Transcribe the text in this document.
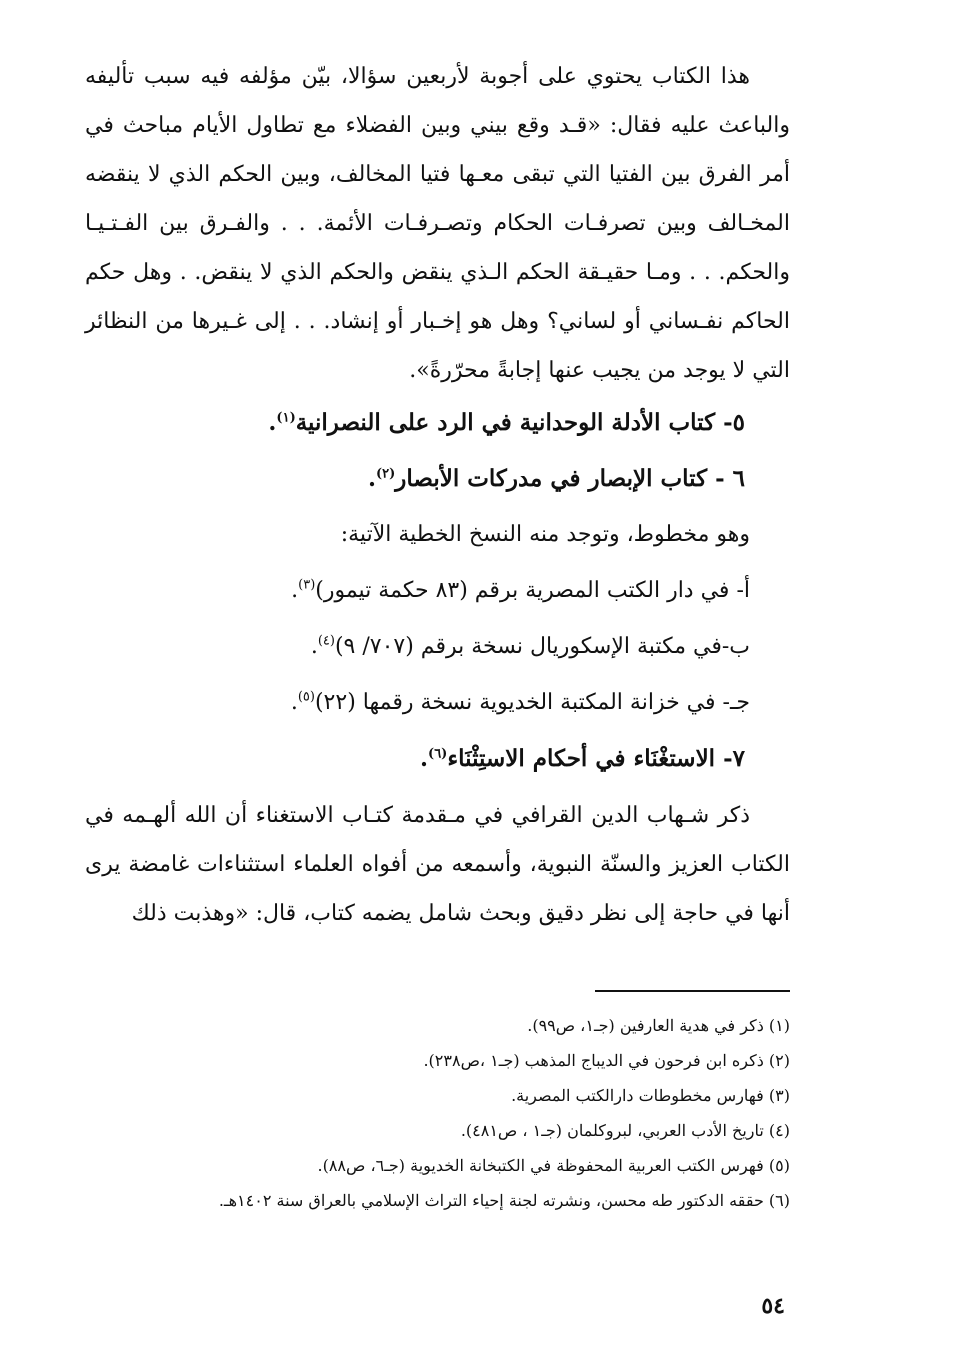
هذا الكتاب يحتوي على أجوبة لأربعين سؤالا، بيّن مؤلفه فيه سبب تأليفه والباعث عليه فقال: «قـد وقع بيني وبين الفضلاء مع تطاول الأيام مباحث في أمر الفرق بين الفتيا التي تبقى معـها فتيا المخالف، وبين الحكم الذي لا ينقضه المخـالف وبين تصرفـات الحكام وتصـرفـات الأئمة. . . والفـرق بين الفـتـيـا والحكم. . . ومـا حقيـقة الحكم الـذي ينقض والحكم الذي لا ينقض. . وهل حكم الحاكم نفـساني أو لساني؟ وهل هو إخـبار أو إنشاد. . . إلى غـيرها من النظائر التي لا يوجد من يجيب عنها إجابةً محرّرةً».

٥- كتاب الأدلة الوحدانية في الرد على النصرانية$^{(١)}$.

٦ - كتاب الإبصار في مدركات الأبصار$^{(٢)}$.

وهو مخطوط، وتوجد منه النسخ الخطية الآتية:

أ- في دار الكتب المصرية برقم (٨٣ حكمة تيمور)$^{(٣)}$.

ب-في مكتبة الإسكوريال نسخة برقم (٧٠٧/ ٩)$^{(٤)}$.

جـ- في خزانة المكتبة الخديوية نسخة رقمها (٢٢)$^{(٥)}$.

٧- الاستغْنَاء في أحكام الاستِثْنَاء$^{(٦)}$.

ذكر شـهاب الدين القرافي في مـقدمة كتـاب الاستغناء أن الله ألهـمه في الكتاب العزيز والسنّة النبوية، وأسمعه من أفواه العلماء استثناءات غامضة يرى أنها في حاجة إلى نظر دقيق وبحث شامل يضمه كتاب، قال: «وهذبت ذلك

(١) ذكر في هدية العارفين (جـ١، ص٩٩).

(٢) ذكره ابن فرحون في الديباج المذهب (جـ١ ،ص٢٣٨).

(٣) فهارس مخطوطات دارالكتب المصرية.

(٤) تاريخ الأدب العربي، لبروكلمان (جـ١ ، ص٤٨١).

(٥) فهرس الكتب العربية المحفوظة في الكتبخانة الخديوية (جـ٦، ص٨٨).

(٦) حققه الدكتور طه محسن، ونشرته لجنة إحياء التراث الإسلامي بالعراق سنة ١٤٠٢هـ.

٥٤
